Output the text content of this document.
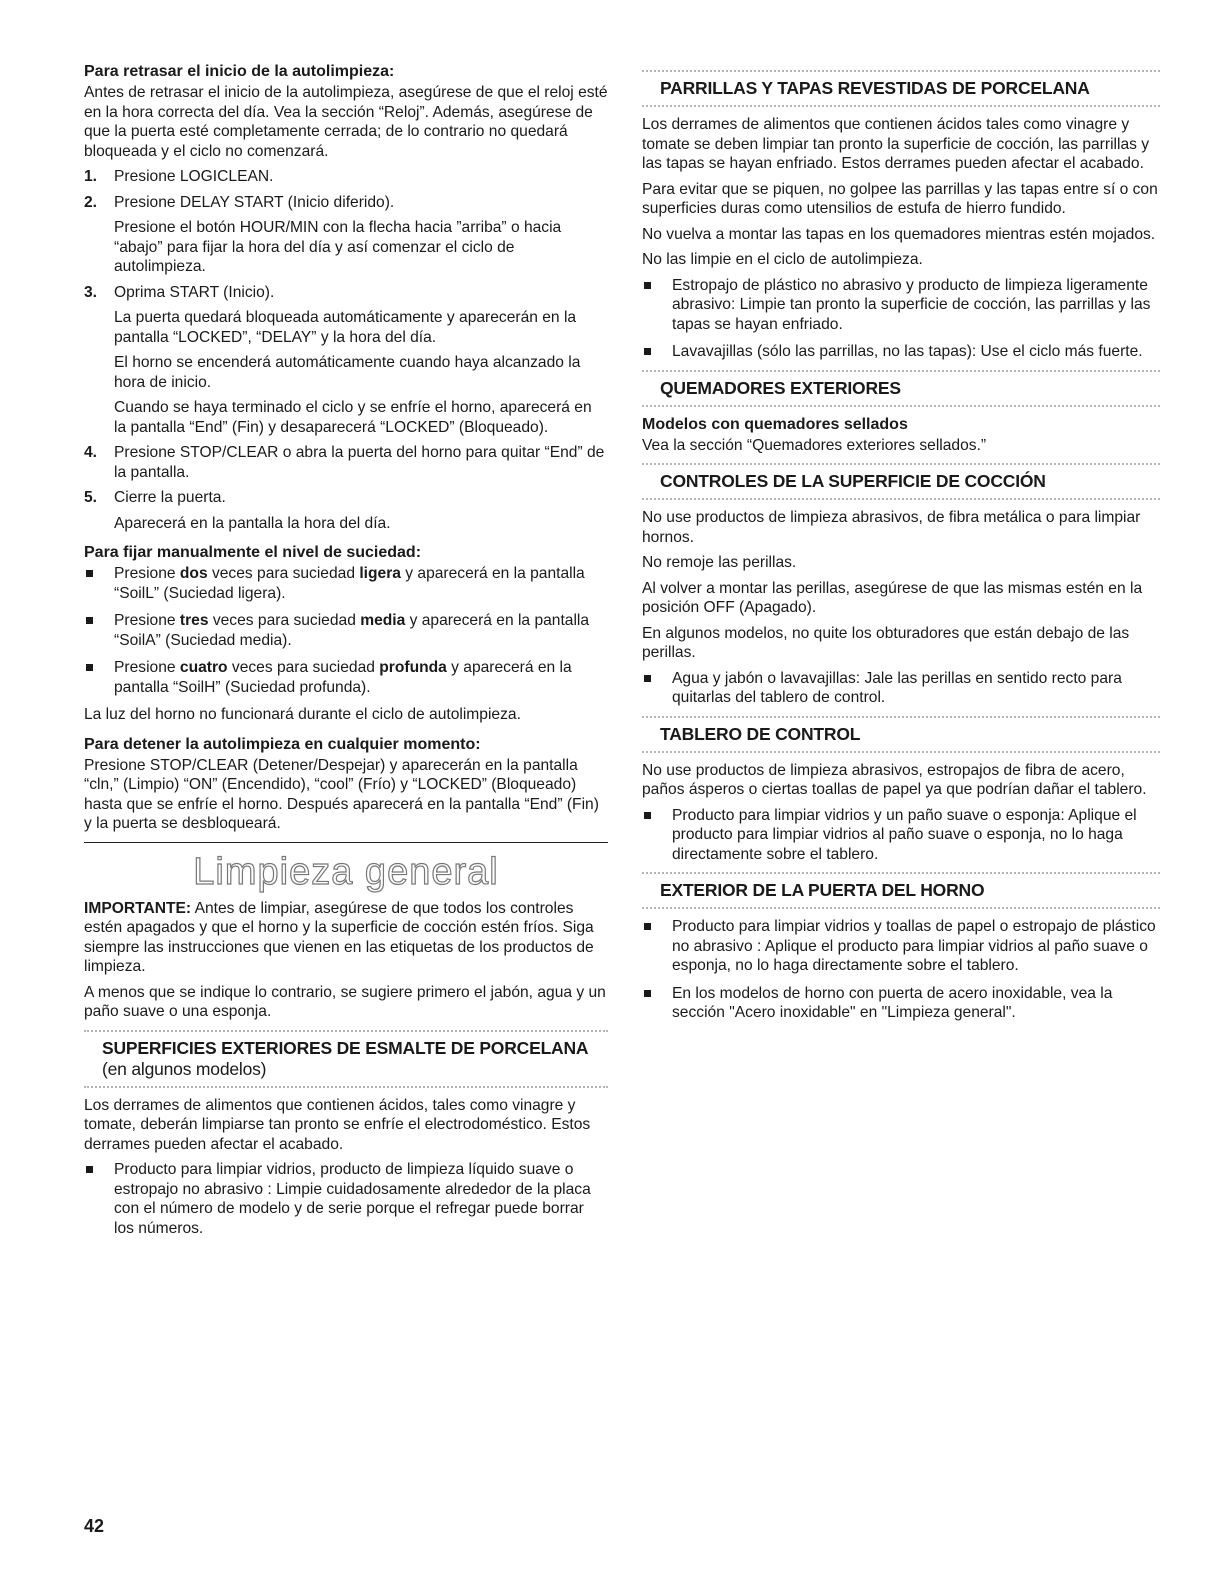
Para retrasar el inicio de la autolimpieza:

Antes de retrasar el inicio de la autolimpieza, asegúrese de que el reloj esté en la hora correcta del día. Vea la sección “Reloj”. Además, asegúrese de que la puerta esté completamente cerrada; de lo contrario no quedará bloqueada y el ciclo no comenzará.

1. Presione LOGICLEAN.

2. Presione DELAY START (Inicio diferido).

Presione el botón HOUR/MIN con la flecha hacia ”arriba” o hacia “abajo” para fijar la hora del día y así comenzar el ciclo de autolimpieza.

3. Oprima START (Inicio).

La puerta quedará bloqueada automáticamente y aparecerán en la pantalla “LOCKED”, “DELAY” y la hora del día.

El horno se encenderá automáticamente cuando haya alcanzado la hora de inicio.

Cuando se haya terminado el ciclo y se enfríe el horno, aparecerá en la pantalla “End” (Fin) y desaparecerá “LOCKED” (Bloqueado).

4. Presione STOP/CLEAR o abra la puerta del horno para quitar “End” de la pantalla.

5. Cierre la puerta.

Aparecerá en la pantalla la hora del día.

Para fijar manualmente el nivel de suciedad:
Presione dos veces para suciedad ligera y aparecerá en la pantalla “SoilL” (Suciedad ligera).
Presione tres veces para suciedad media y aparecerá en la pantalla “SoilA” (Suciedad media).
Presione cuatro veces para suciedad profunda y aparecerá en la pantalla “SoilH” (Suciedad profunda).

La luz del horno no funcionará durante el ciclo de autolimpieza.

Para detener la autolimpieza en cualquier momento:

Presione STOP/CLEAR (Detener/Despejar) y aparecerán en la pantalla “cln,” (Limpio) “ON” (Encendido), “cool” (Frío) y “LOCKED” (Bloqueado) hasta que se enfríe el horno. Después aparecerá en la pantalla “End” (Fin) y la puerta se desbloqueará.

Limpieza general

IMPORTANTE: Antes de limpiar, asegúrese de que todos los controles estén apagados y que el horno y la superficie de cocción estén fríos. Siga siempre las instrucciones que vienen en las etiquetas de los productos de limpieza.

A menos que se indique lo contrario, se sugiere primero el jabón, agua y un paño suave o una esponja.

SUPERFICIES EXTERIORES DE ESMALTE DE PORCELANA (en algunos modelos)

Los derrames de alimentos que contienen ácidos, tales como vinagre y tomate, deberán limpiarse tan pronto se enfríe el electrodoméstico. Estos derrames pueden afectar el acabado.

Producto para limpiar vidrios, producto de limpieza líquido suave o estropajo no abrasivo : Limpie cuidadosamente alrededor de la placa con el número de modelo y de serie porque el refregar puede borrar los números.
PARRILLAS Y TAPAS REVESTIDAS DE PORCELANA

Los derrames de alimentos que contienen ácidos tales como vinagre y tomate se deben limpiar tan pronto la superficie de cocción, las parrillas y las tapas se hayan enfriado. Estos derrames pueden afectar el acabado.

Para evitar que se piquen, no golpee las parrillas y las tapas entre sí o con superficies duras como utensilios de estufa de hierro fundido.

No vuelva a montar las tapas en los quemadores mientras estén mojados.

No las limpie en el ciclo de autolimpieza.

Estropajo de plástico no abrasivo y producto de limpieza ligeramente abrasivo: Limpie tan pronto la superficie de cocción, las parrillas y las tapas se hayan enfriado.
Lavavajillas (sólo las parrillas, no las tapas): Use el ciclo más fuerte.
QUEMADORES EXTERIORES
Modelos con quemadores sellados

Vea la sección “Quemadores exteriores sellados.”

CONTROLES DE LA SUPERFICIE DE COCCIÓN

No use productos de limpieza abrasivos, de fibra metálica o para limpiar hornos.

No remoje las perillas.

Al volver a montar las perillas, asegúrese de que las mismas estén en la posición OFF (Apagado).

En algunos modelos, no quite los obturadores que están debajo de las perillas.

Agua y jabón o lavavajillas: Jale las perillas en sentido recto para quitarlas del tablero de control.
TABLERO DE CONTROL

No use productos de limpieza abrasivos, estropajos de fibra de acero, paños ásperos o ciertas toallas de papel ya que podrían dañar el tablero.

Producto para limpiar vidrios y un paño suave o esponja: Aplique el producto para limpiar vidrios al paño suave o esponja, no lo haga directamente sobre el tablero.
EXTERIOR DE LA PUERTA DEL HORNO
Producto para limpiar vidrios y toallas de papel o estropajo de plástico no abrasivo : Aplique el producto para limpiar vidrios al paño suave o esponja, no lo haga directamente sobre el tablero.
En los modelos de horno con puerta de acero inoxidable, vea la sección "Acero inoxidable" en "Limpieza general".
42
